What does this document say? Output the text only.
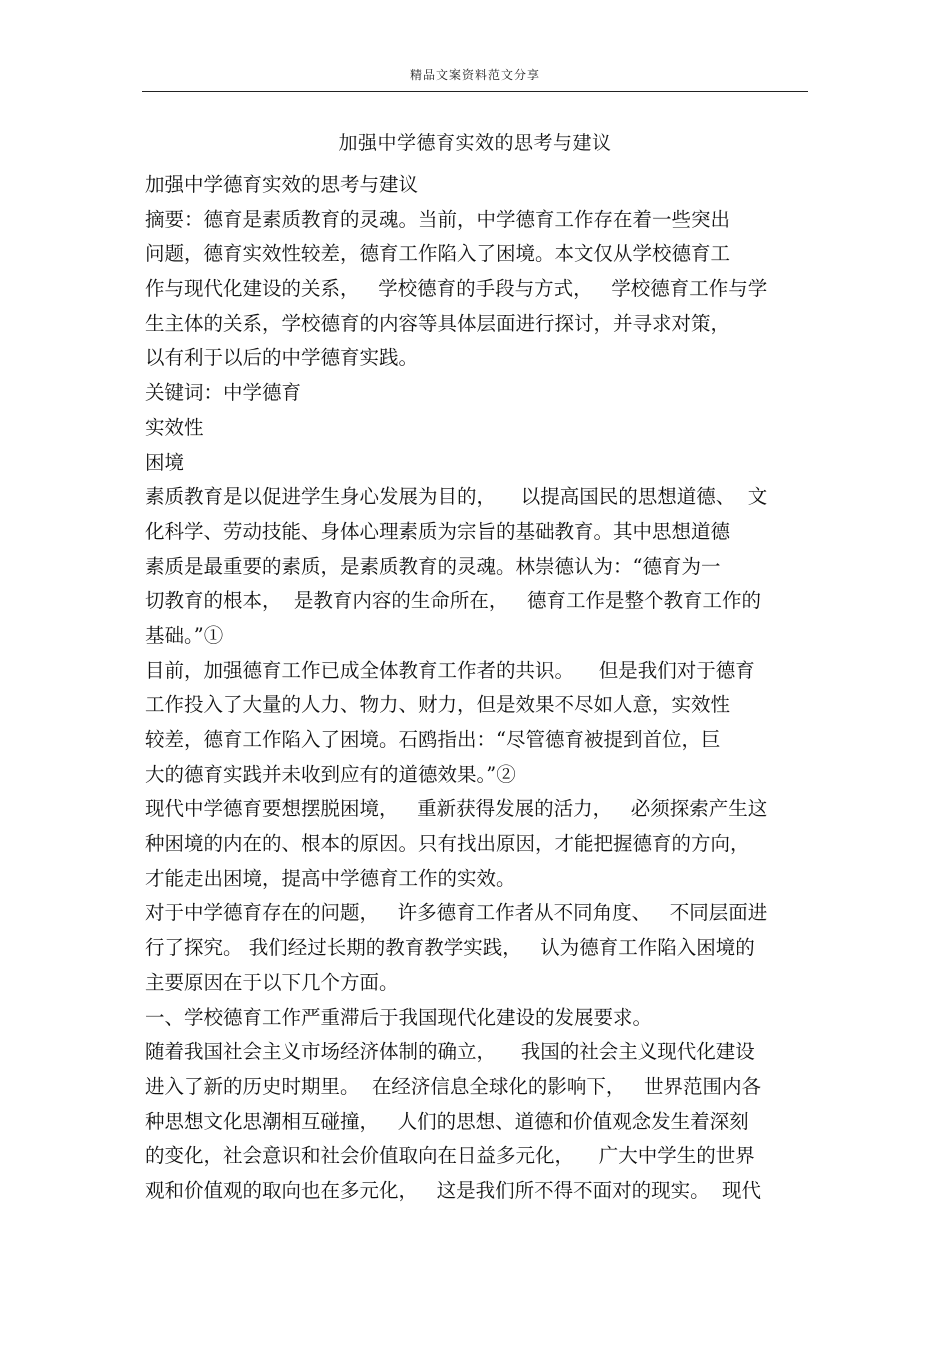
精品文案资料范文分享
加强中学德育实效的思考与建议
加强中学德育实效的思考与建议
摘要：德育是素质教育的灵魂。当前，中学德育工作存在着一些突出
问题，德育实效性较差，德育工作陷入了困境。本文仅从学校德育工
作与现代化建设的关系，   学校德育的手段与方式，   学校德育工作与学
生主体的关系，学校德育的内容等具体层面进行探讨，并寻求对策，
以有利于以后的中学德育实践。
关键词：中学德育
实效性
困境
素质教育是以促进学生身心发展为目的，    以提高国民的思想道德、  文
化科学、劳动技能、身体心理素质为宗旨的基础教育。其中思想道德
素质是最重要的素质，是素质教育的灵魂。林崇德认为：“德育为一
切教育的根本，  是教育内容的生命所在，   德育工作是整个教育工作的
基础。”①
目前，加强德育工作已成全体教育工作者的共识。    但是我们对于德育
工作投入了大量的人力、物力、财力，但是效果不尽如人意，实效性
较差，德育工作陷入了困境。石鸥指出：“尽管德育被提到首位，巨
大的德育实践并未收到应有的道德效果。”②
现代中学德育要想摆脱困境，   重新获得发展的活力，   必须探索产生这
种困境的内在的、根本的原因。只有找出原因，才能把握德育的方向，
才能走出困境，提高中学德育工作的实效。
对于中学德育存在的问题，   许多德育工作者从不同角度、   不同层面进
行了探究。 我们经过长期的教育教学实践，   认为德育工作陷入困境的
主要原因在于以下几个方面。
一、学校德育工作严重滞后于我国现代化建设的发展要求。
随着我国社会主义市场经济体制的确立，    我国的社会主义现代化建设
进入了新的历史时期里。  在经济信息全球化的影响下，   世界范围内各
种思想文化思潮相互碰撞，   人们的思想、道德和价值观念发生着深刻
的变化，社会意识和社会价值取向在日益多元化，    广大中学生的世界
观和价值观的取向也在多元化，   这是我们所不得不面对的现实。  现代
